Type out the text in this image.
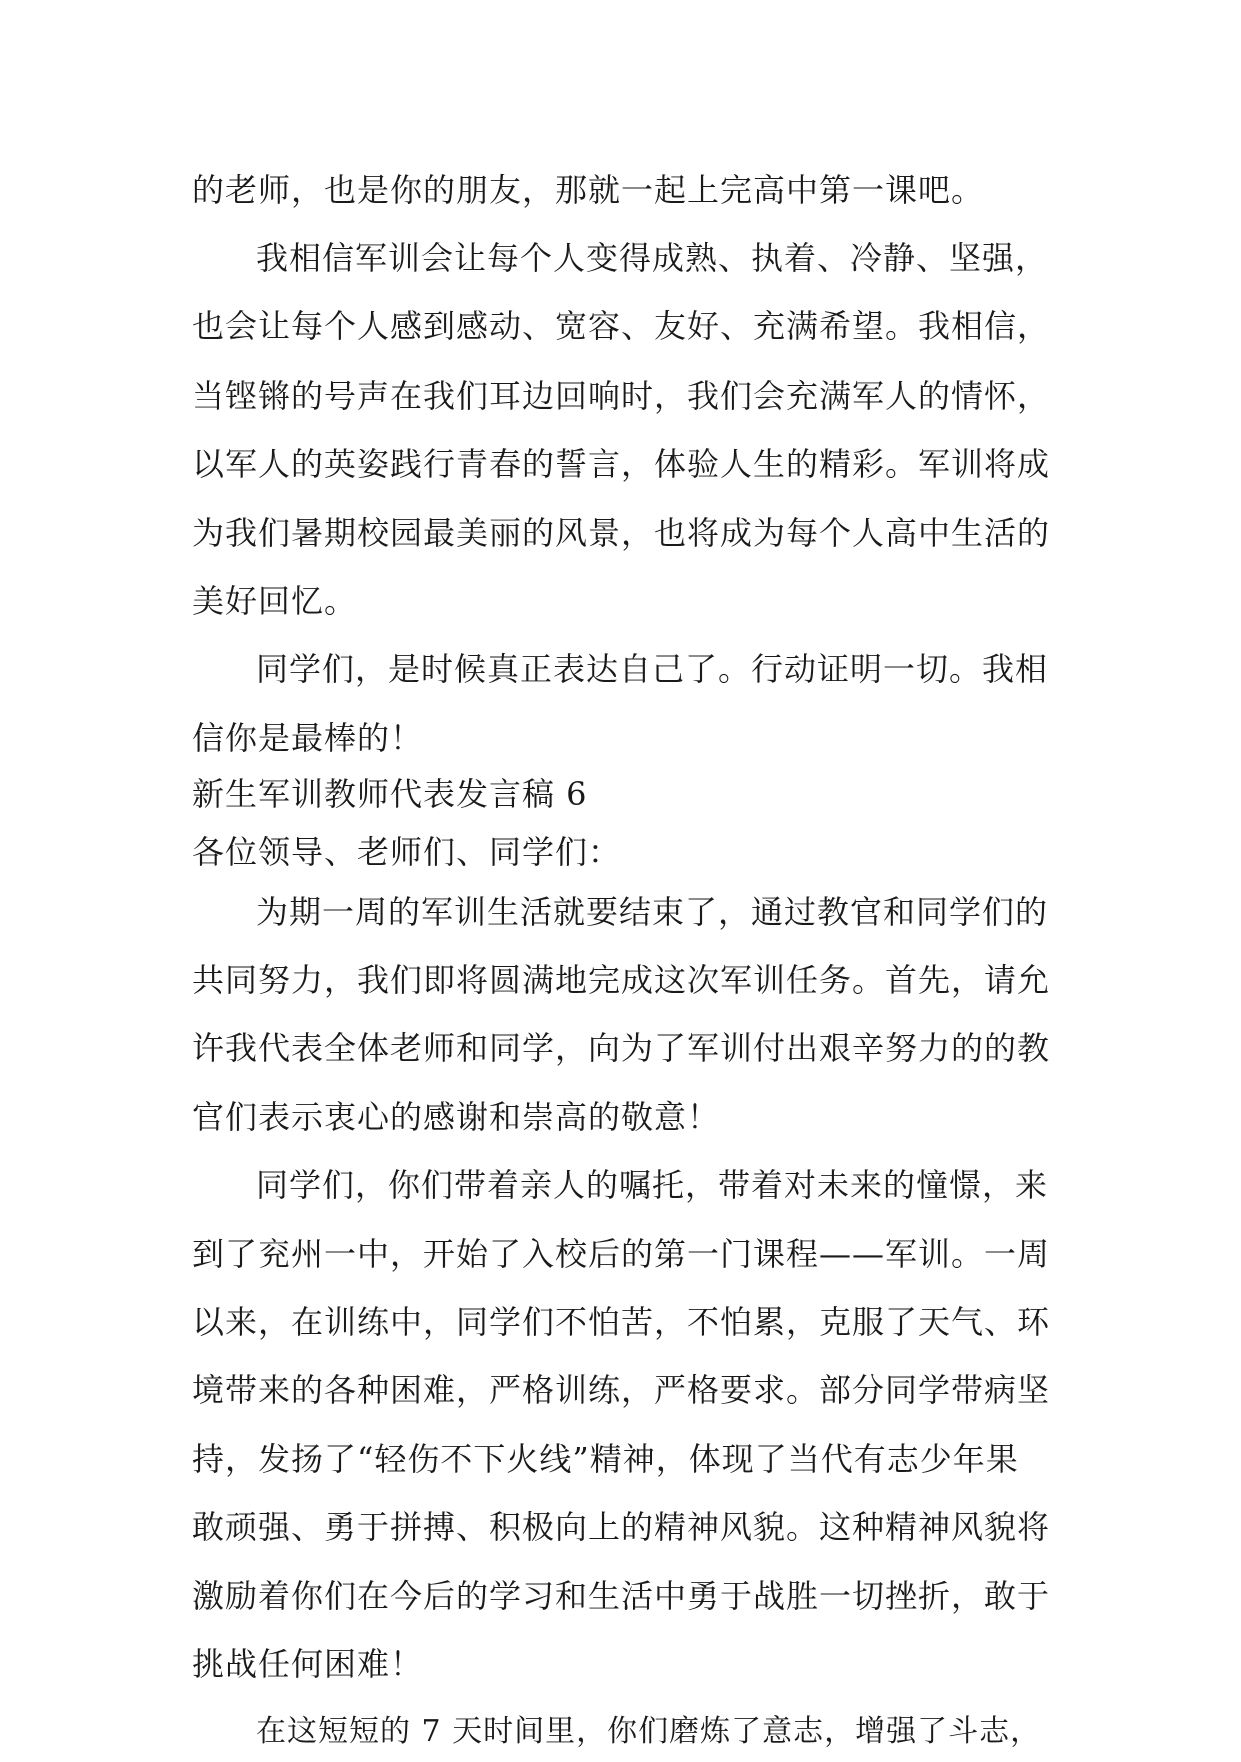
的老师，也是你的朋友，那就一起上完高中第一课吧。
我相信军训会让每个人变得成熟、执着、冷静、坚强，
也会让每个人感到感动、宽容、友好、充满希望。我相信，
当铿锵的号声在我们耳边回响时，我们会充满军人的情怀，
以军人的英姿践行青春的誓言，体验人生的精彩。军训将成
为我们暑期校园最美丽的风景，也将成为每个人高中生活的
美好回忆。
同学们，是时候真正表达自己了。行动证明一切。我相
信你是最棒的！
新生军训教师代表发言稿 6
各位领导、老师们、同学们：
为期一周的军训生活就要结束了，通过教官和同学们的
共同努力，我们即将圆满地完成这次军训任务。首先，请允
许我代表全体老师和同学，向为了军训付出艰辛努力的的教
官们表示衷心的感谢和崇高的敬意！
同学们，你们带着亲人的嘱托，带着对未来的憧憬，来
到了兖州一中，开始了入校后的第一门课程——军训。一周
以来，在训练中，同学们不怕苦，不怕累，克服了天气、环
境带来的各种困难，严格训练，严格要求。部分同学带病坚
持，发扬了“轻伤不下火线”精神，体现了当代有志少年果
敢顽强、勇于拼搏、积极向上的精神风貌。这种精神风貌将
激励着你们在今后的学习和生活中勇于战胜一切挫折，敢于
挑战任何困难！
在这短短的 7 天时间里，你们磨炼了意志，增强了斗志，
